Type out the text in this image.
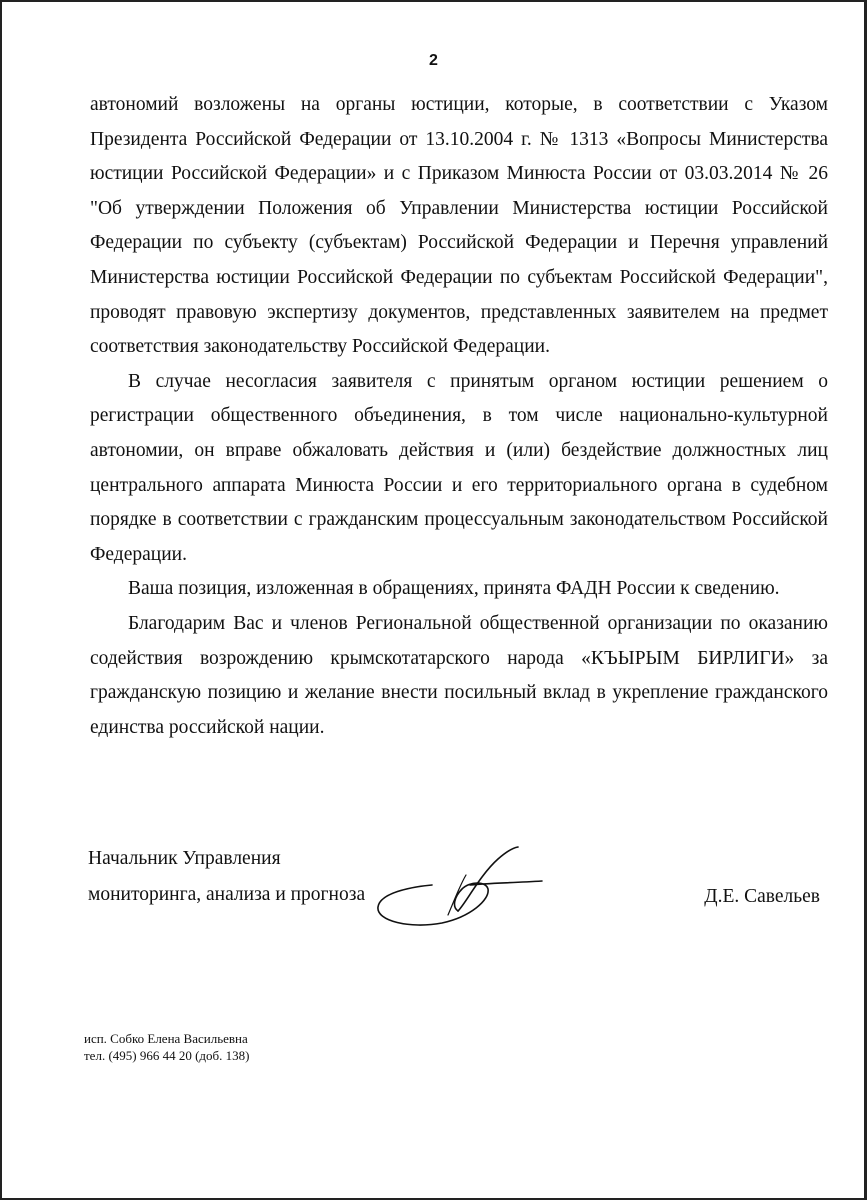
2

автономий возложены на органы юстиции, которые, в соответствии с Указом Президента Российской Федерации от 13.10.2004 г. № 1313 «Вопросы Министерства юстиции Российской Федерации» и с Приказом Минюста России от 03.03.2014 № 26 "Об утверждении Положения об Управлении Министерства юстиции Российской Федерации по субъекту (субъектам) Российской Федерации и Перечня управлений Министерства юстиции Российской Федерации по субъектам Российской Федерации", проводят правовую экспертизу документов, представленных заявителем на предмет соответствия законодательству Российской Федерации.

В случае несогласия заявителя с принятым органом юстиции решением о регистрации общественного объединения, в том числе национально-культурной автономии, он вправе обжаловать действия и (или) бездействие должностных лиц центрального аппарата Минюста России и его территориального органа в судебном порядке в соответствии с гражданским процессуальным законодательством Российской Федерации.

Ваша позиция, изложенная в обращениях, принята ФАДН России к сведению.

Благодарим Вас и членов Региональной общественной организации по оказанию содействия возрождению крымскотатарского народа «КЪЫРЫМ БИРЛИГИ» за гражданскую позицию и желание внести посильный вклад в укрепление гражданского единства российской нации.

Начальник Управления
мониторинга, анализа и прогноза	Д.Е. Савельев
исп. Собко Елена Васильевна
тел. (495) 966 44 20 (доб. 138)
